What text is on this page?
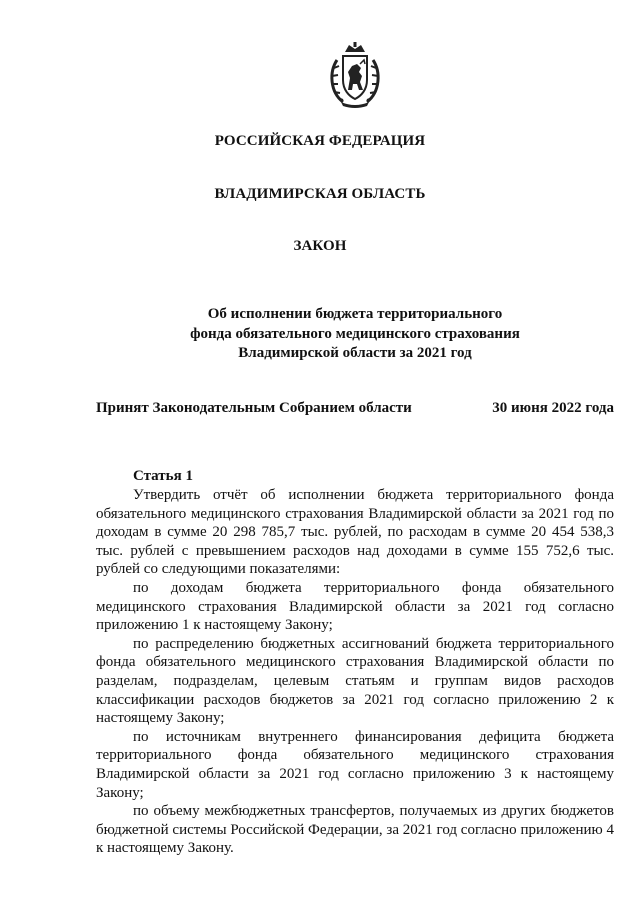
РОССИЙСКАЯ ФЕДЕРАЦИЯ
ВЛАДИМИРСКАЯ ОБЛАСТЬ
ЗАКОН
Об исполнении бюджета территориального
фонда обязательного медицинского страхования
Владимирской области за 2021 год
Принят Законодательным Собранием области	30 июня 2022 года
Статья 1

Утвердить отчёт об исполнении бюджета территориального фонда обязательного медицинского страхования Владимирской области за 2021 год по доходам в сумме 20 298 785,7 тыс. рублей, по расходам в сумме 20 454 538,3 тыс. рублей с превышением расходов над доходами в сумме 155 752,6 тыс. рублей со следующими показателями:

по доходам бюджета территориального фонда обязательного медицинского страхования Владимирской области за 2021 год согласно приложению 1 к настоящему Закону;

по распределению бюджетных ассигнований бюджета территориального фонда обязательного медицинского страхования Владимирской области по разделам, подразделам, целевым статьям и группам видов расходов классификации расходов бюджетов за 2021 год согласно приложению 2 к настоящему Закону;

по источникам внутреннего финансирования дефицита бюджета территориального фонда обязательного медицинского страхования Владимирской области за 2021 год согласно приложению 3 к настоящему Закону;

по объему межбюджетных трансфертов, получаемых из других бюджетов бюджетной системы Российской Федерации, за 2021 год согласно приложению 4 к настоящему Закону.
